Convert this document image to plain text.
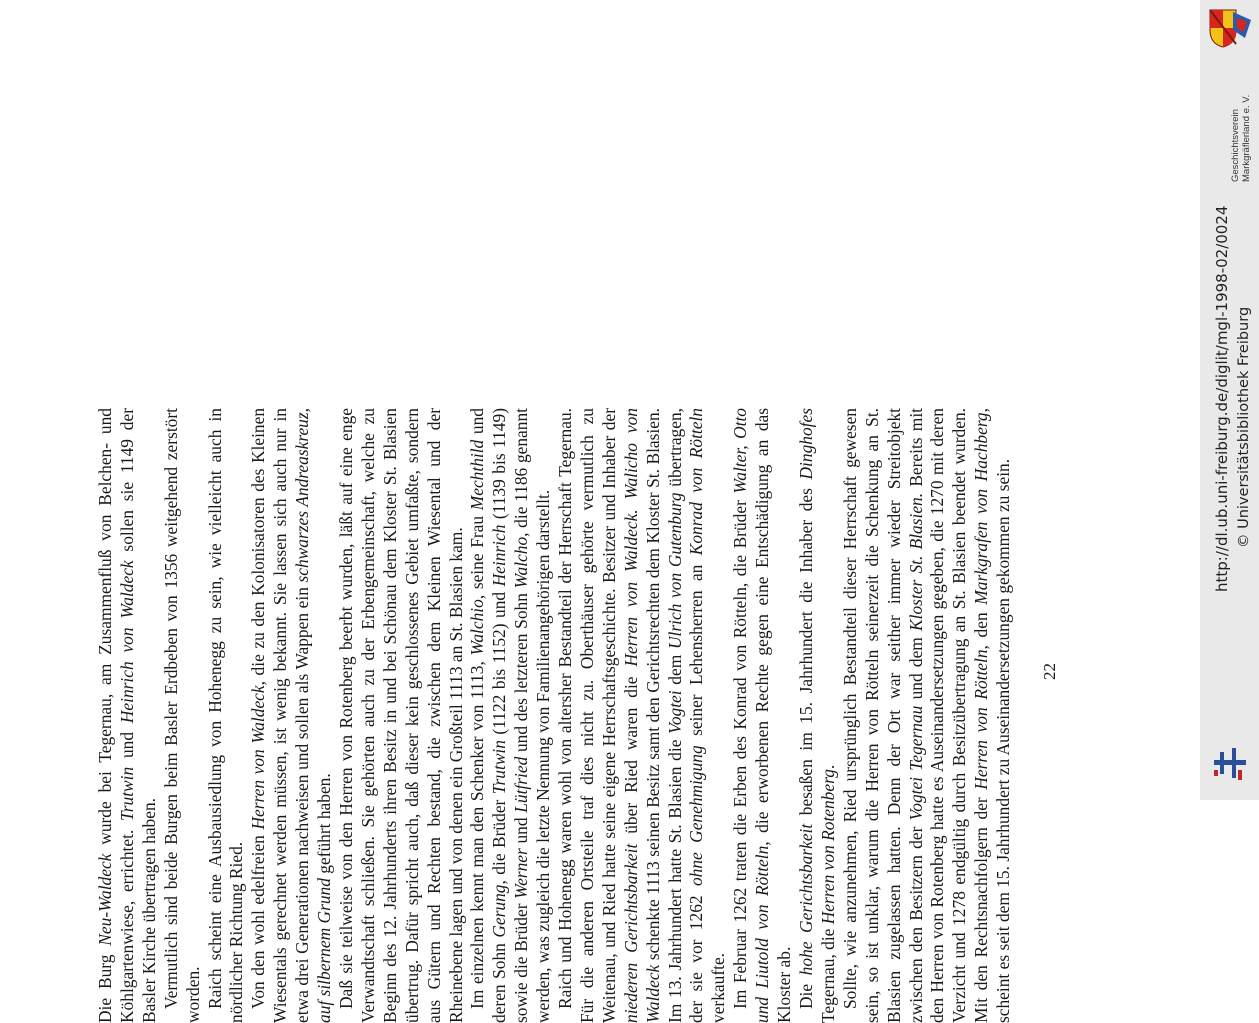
Die Burg Neu-Waldeck wurde bei Tegernau, am Zusammenfluß von Belchen- und Köhlgartenwiese, errichtet. Trutwin und Heinrich von Waldeck sollen sie 1149 der Basler Kirche übertragen haben. Vermutlich sind beide Burgen beim Basler Erdbeben von 1356 weitgehend zerstört worden. Raich scheint eine Ausbausiedlung von Hohenegg zu sein, wie vielleicht auch in nördlicher Richtung Ried. Von den wohl edelfreien Herren von Waldeck, die zu den Kolonisatoren des Kleinen Wiesentals gerechnet werden müssen, ist wenig bekannt. Sie lassen sich auch nur in etwa drei Generationen nachweisen und sollen als Wappen ein schwarzes Andreaskreuz, auf silbernem Grund geführt haben. Daß sie teilweise von den Herren von Rotenberg beerbt wurden, läßt auf eine enge Verwandtschaft schließen. Sie gehörten auch zu der Erbengemeinschaft, welche zu Beginn des 12. Jahrhunderts ihren Besitz in und bei Schönau dem Kloster St. Blasien übertrug. Dafür spricht auch, daß dieser kein geschlossenes Gebiet umfaßte, sondern aus Gütern und Rechten bestand, die zwischen dem Kleinen Wiesental und der Rheinebene lagen und von denen ein Großteil 1113 an St. Blasien kam. Im einzelnen kennt man den Schenker von 1113, Walchio, seine Frau Mechthild und deren Sohn Gerung, die Brüder Trutwin (1122 bis 1152) und Heinrich (1139 bis 1149) sowie die Brüder Werner und Lütfried und des letzteren Sohn Walcho, die 1186 genannt werden, was zugleich die letzte Nennung von Familienangehörigen darstellt. Raich und Hohenegg waren wohl von altersher Bestandteil der Herrschaft Tegernau. Für die anderen Ortsteile traf dies nicht zu. Oberthäuser gehörte vermutlich zu Weitenau, und Ried hatte seine eigene Herrschaftsgeschichte. Besitzer und Inhaber der niederen Gerichtsbarkeit über Ried waren die Herren von Waldeck. Walicho von Waldeck schenkte 1113 seinen Besitz samt den Gerichtsrechten dem Kloster St. Blasien. Im 13. Jahrhundert hatte St. Blasien die Vogtei dem Ulrich von Gutenburg übertragen, der sie vor 1262 ohne Genehmigung seiner Lehensherren an Konrad von Rötteln verkaufte. Im Februar 1262 traten die Erben des Konrad von Rötteln, die Brüder Walter, Otto und Liutold von Rötteln, die erworbenen Rechte gegen eine Entschädigung an das Kloster ab. Die hohe Gerichtsbarkeit besaßen im 15. Jahrhundert die Inhaber des Dinghofes Tegernau, die Herren von Rotenberg. Sollte, wie anzunehmen, Ried ursprünglich Bestandteil dieser Herrschaft gewesen sein, so ist unklar, warum die Herren von Rötteln seinerzeit die Schenkung an St. Blasien zugelassen hatten. Denn der Ort war seither immer wieder Streitobjekt zwischen den Besitzern der Vogtei Tegernau und dem Kloster St. Blasien. Bereits mit den Herren von Rotenberg hatte es Auseinandersetzungen gegeben, die 1270 mit deren Verzicht und 1278 endgültig durch Besitzübertragung an St. Blasien beendet wurden. Mit den Rechtsnachfolgern der Herren von Rötteln, den Markgrafen von Hachberg, scheint es seit dem 15. Jahrhundert zu Auseinandersetzungen gekommen zu sein. 22
Geschichtsverein Markgräflerland e. V.
http://dl.ub.uni-freiburg.de/diglit/mgl-1998-02/0024 © Universitätsbibliothek Freiburg
